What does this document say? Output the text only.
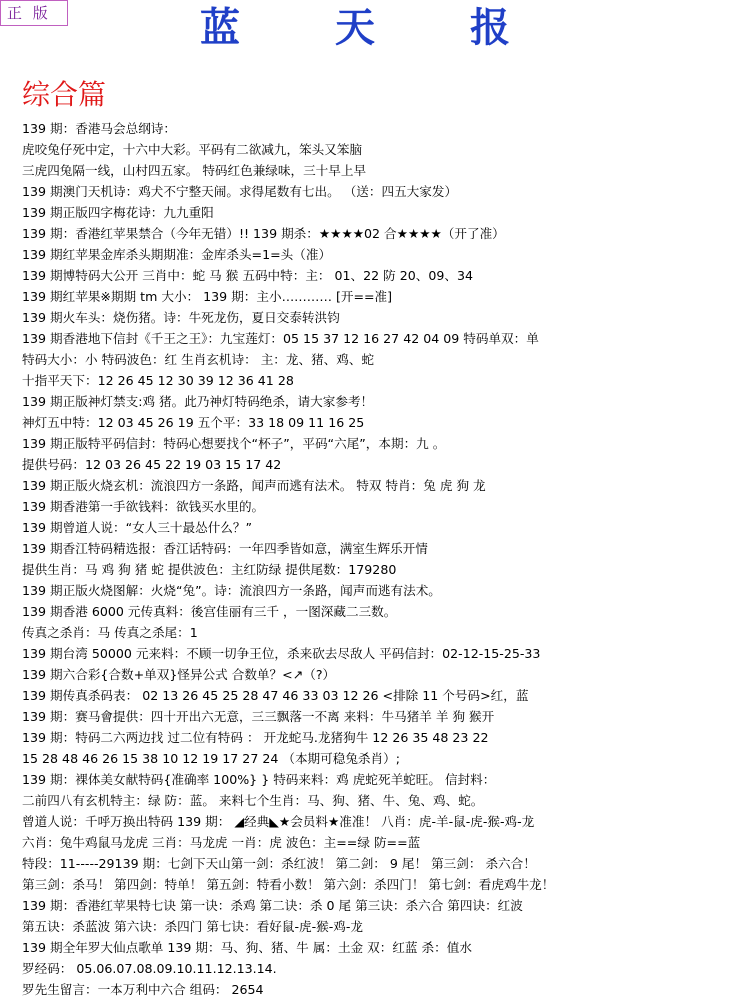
正 版	蓝 天 报
综合篇
139 期：香港马会总纲诗：
虎咬兔仔死中定，十六中大彩。平码有二欲减九，笨头又笨脑
三虎四兔隔一线，山村四五家。 特码红色兼绿味，三十早上早
139 期澳门天机诗：鸡犬不宁整天闹。求得尾数有七出。 （送：四五大家发）
139 期正版四字梅花诗：九九重阳
139 期：香港红苹果禁合（今年无错）!! 139 期杀：★★★★02 合★★★★（开了准）
139 期红苹果金库杀头期期准：金库杀头=1=头（准）
139 期博特码大公开 三肖中：蛇 马 猴 五码中特：主： 01、22 防 20、09、34
139 期红苹果※期期 tm 大小： 139 期：主小………… [开==准]
139 期火车头：烧伤猪。诗：牛死龙伤，夏日交泰转洪钧
139 期香港地下信封《千王之王》：九宝莲灯：05 15 37 12 16 27 42 04 09 特码单双：单
特码大小：小 特码波色：红 生肖玄机诗： 主：龙、猪、鸡、蛇
十指平天下：12 26 45 12 30 39 12 36 41 28
139 期正版神灯禁支:鸡 猪。此乃神灯特码绝杀，请大家参考！
神灯五中特：12 03 45 26 19 五个平：33 18 09 11 16 25
139 期正版特平码信封：特码心想要找个“杯子”，平码“六尾”，本期：九 。
提供号码：12 03 26 45 22 19 03 15 17 42
139 期正版火烧玄机：流浪四方一条路，闻声而逃有法术。 特双 特肖：兔 虎 狗 龙
139 期香港第一手欲钱料：欲钱买水里的。
139 期曾道人说：“女人三十最怂什么？”
139 期香江特码精选报：香江话特码：一年四季皆如意，满室生辉乐开情
提供生肖：马 鸡 狗 猪 蛇 提供波色：主红防绿 提供尾数：179280
139 期正版火烧图解：火烧“兔”。诗：流浪四方一条路，闻声而逃有法术。
139 期香港 6000 元传真料：後宫佳丽有三千 ，一图深藏二三数。
传真之杀肖：马 传真之杀尾：1
139 期台湾 50000 元来料：不顾一切争王位，杀来砍去尽敌人 平码信封：02-12-15-25-33
139 期六合彩{合数+单双}怪异公式 合数单？<↗（?）
139 期传真杀码表： 02 13 26 45 25 28 47 46 33 03 12 26 <排除 11 个号码>红，蓝
139 期：赛马會提供：四十开出六无意，三三飘落一不离 来料：牛马猪羊 羊 狗 猴开
139 期：特码二六两边找 过二位有特码 ： 开龙蛇马.龙猪狗牛 12 26 35 48 23 22
15 28 48 46 26 15 38 10 12 19 17 27 24 （本期可稳兔杀肖）;
139 期：裸体美女献特码{准确率 100%} } 特码来料：鸡 虎蛇死羊蛇旺。 信封料：
二前四八有玄机特主：绿 防：蓝。 来料七个生肖：马、狗、猪、牛、兔、鸡、蛇。
曾道人说：千呼万换出特码 139 期： ◢经典◣★会员料★准准！ 八肖：虎-羊-鼠-虎-猴-鸡-龙
六肖：兔牛鸡鼠马龙虎 三肖：马龙虎 一肖：虎 波色：主==绿 防==蓝
特段：11-----29139 期：七剑下天山第一剑：杀红波！ 第二剑： 9 尾！ 第三剑： 杀六合！
第三剑：杀马！ 第四剑：特单！ 第五剑：特看小数！ 第六剑：杀四门！ 第七剑：看虎鸡牛龙！
139 期：香港红苹果特七诀 第一诀：杀鸡 第二诀：杀 0 尾 第三诀：杀六合 第四诀：红波
第五诀：杀蓝波 第六诀：杀四门 第七诀：看好鼠-虎-猴-鸡-龙
139 期全年罗大仙点歌单 139 期：马、狗、猪、牛 属：土金 双：红蓝 杀：值水
罗经码： 05.06.07.08.09.10.11.12.13.14.
罗先生留言：一本万利中六合 组码： 2654
